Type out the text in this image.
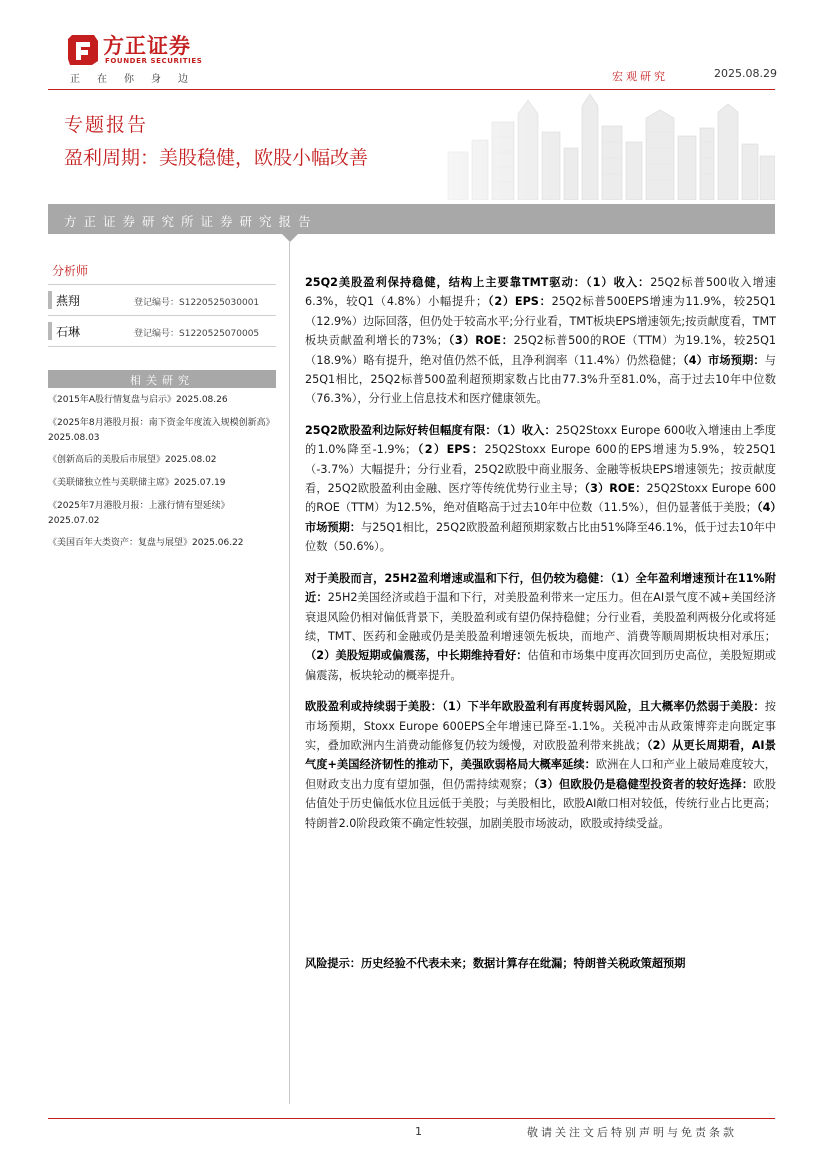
方正证券
FOUNDER SECURITIES
正在你身边	宏观研究	2025.08.29
专题报告
盈利周期：美股稳健，欧股小幅改善
方正证券研究所证券研究报告
分析师
燕翔	登记编号：S1220525030001
石琳	登记编号：S1220525070005
相关研究
《2015年A股行情复盘与启示》2025.08.26
《2025年8月港股月报：南下资金年度流入规模创新高》2025.08.03
《创新高后的美股后市展望》2025.08.02
《美联储独立性与美联储主席》2025.07.19
《2025年7月港股月报：上涨行情有望延续》2025.07.02
《美国百年大类资产：复盘与展望》2025.06.22

25Q2美股盈利保持稳健，结构上主要靠TMT驱动：（1）收入：25Q2标普500收入增速6.3%，较Q1（4.8%）小幅提升；（2）EPS：25Q2标普500EPS增速为11.9%，较25Q1（12.9%）边际回落，但仍处于较高水平;分行业看，TMT板块EPS增速领先;按贡献度看，TMT板块贡献盈利增长的73%；（3）ROE：25Q2标普500的ROE（TTM）为19.1%，较25Q1（18.9%）略有提升，绝对值仍然不低，且净利润率（11.4%）仍然稳健；（4）市场预期：与25Q1相比，25Q2标普500盈利超预期家数占比由77.3%升至81.0%，高于过去10年中位数（76.3%），分行业上信息技术和医疗健康领先。

25Q2欧股盈利边际好转但幅度有限：（1）收入：25Q2Stoxx Europe 600收入增速由上季度的1.0%降至-1.9%；（2）EPS：25Q2Stoxx Europe 600的EPS增速为5.9%，较25Q1（-3.7%）大幅提升；分行业看，25Q2欧股中商业服务、金融等板块EPS增速领先；按贡献度看，25Q2欧股盈利由金融、医疗等传统优势行业主导；（3）ROE：25Q2Stoxx Europe 600的ROE（TTM）为12.5%，绝对值略高于过去10年中位数（11.5%），但仍显著低于美股；（4）市场预期：与25Q1相比，25Q2欧股盈利超预期家数占比由51%降至46.1%，低于过去10年中位数（50.6%）。

对于美股而言，25H2盈利增速或温和下行，但仍较为稳健：（1）全年盈利增速预计在11%附近：25H2美国经济或趋于温和下行，对美股盈利带来一定压力。但在AI景气度不减+美国经济衰退风险仍相对偏低背景下，美股盈利或有望仍保持稳健；分行业看，美股盈利两极分化或将延续，TMT、医药和金融或仍是美股盈利增速领先板块，而地产、消费等顺周期板块相对承压；（2）美股短期或偏震荡，中长期维持看好：估值和市场集中度再次回到历史高位，美股短期或偏震荡，板块轮动的概率提升。

欧股盈利或持续弱于美股：（1）下半年欧股盈利有再度转弱风险，且大概率仍然弱于美股：按市场预期，Stoxx Europe 600EPS全年增速已降至-1.1%。关税冲击从政策博弈走向既定事实，叠加欧洲内生消费动能修复仍较为缓慢，对欧股盈利带来挑战；（2）从更长周期看，AI景气度+美国经济韧性的推动下，美强欧弱格局大概率延续：欧洲在人口和产业上破局难度较大，但财政支出力度有望加强，但仍需持续观察；（3）但欧股仍是稳健型投资者的较好选择：欧股估值处于历史偏低水位且远低于美股；与美股相比，欧股AI敞口相对较低，传统行业占比更高；特朗普2.0阶段政策不确定性较强，加剧美股市场波动，欧股或持续受益。

风险提示：历史经验不代表未来；数据计算存在纰漏；特朗普关税政策超预期
1	敬请关注文后特别声明与免责条款
